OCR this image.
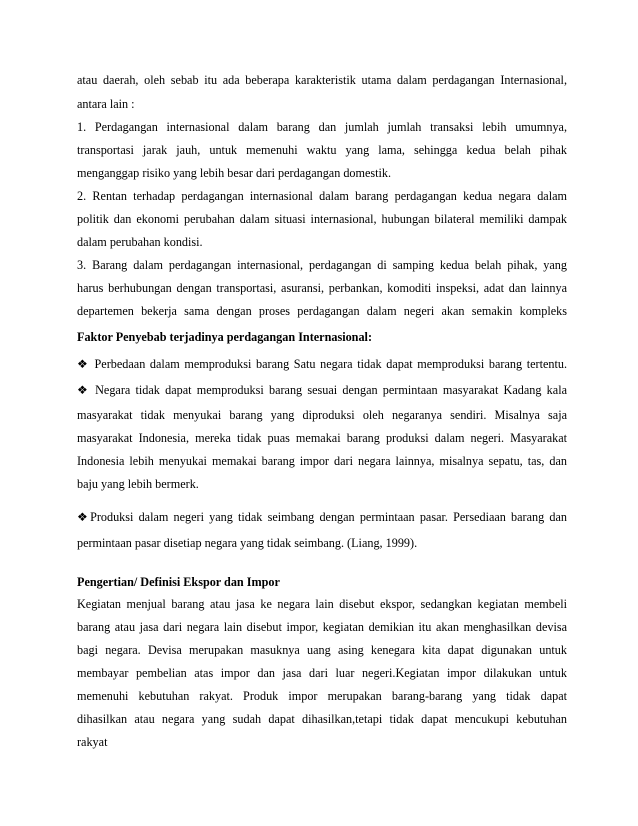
atau daerah, oleh sebab itu ada beberapa karakteristik utama dalam perdagangan Internasional,
antara lain :
1. Perdagangan internasional dalam barang dan jumlah jumlah transaksi lebih umumnya,
transportasi jarak jauh, untuk memenuhi waktu yang lama, sehingga kedua belah pihak
menganggap risiko yang lebih besar dari perdagangan domestik.
2. Rentan terhadap perdagangan internasional dalam barang perdagangan kedua negara dalam
politik dan ekonomi perubahan dalam situasi internasional, hubungan bilateral memiliki dampak
dalam perubahan kondisi.
3. Barang dalam perdagangan internasional, perdagangan di samping kedua belah pihak, yang
harus berhubungan dengan transportasi, asuransi, perbankan, komoditi inspeksi, adat dan lainnya
departemen bekerja sama dengan proses perdagangan dalam negeri akan semakin kompleks
Faktor Penyebab terjadinya perdagangan Internasional:
❖ Perbedaan dalam memproduksi barang Satu negara tidak dapat memproduksi barang tertentu.
❖ Negara tidak dapat memproduksi barang sesuai dengan permintaan masyarakat Kadang kala
masyarakat tidak menyukai barang yang diproduksi oleh negaranya sendiri. Misalnya saja
masyarakat Indonesia, mereka tidak puas memakai barang produksi dalam negeri. Masyarakat
Indonesia lebih menyukai memakai barang impor dari negara lainnya, misalnya sepatu, tas, dan
baju yang lebih bermerk.
❖Produksi dalam negeri yang tidak seimbang dengan permintaan pasar. Persediaan barang dan
permintaan pasar disetiap negara yang tidak seimbang. (Liang, 1999).
Pengertian/ Definisi Ekspor dan Impor
Kegiatan menjual barang atau jasa ke negara lain disebut ekspor, sedangkan kegiatan membeli
barang atau jasa dari negara lain disebut impor, kegiatan demikian itu akan menghasilkan devisa
bagi negara. Devisa merupakan masuknya uang asing kenegara kita dapat digunakan untuk
membayar pembelian atas impor dan jasa dari luar negeri.Kegiatan impor dilakukan untuk
memenuhi kebutuhan rakyat. Produk impor merupakan barang-barang yang tidak dapat
dihasilkan atau negara yang sudah dapat dihasilkan,tetapi tidak dapat mencukupi kebutuhan
rakyat
